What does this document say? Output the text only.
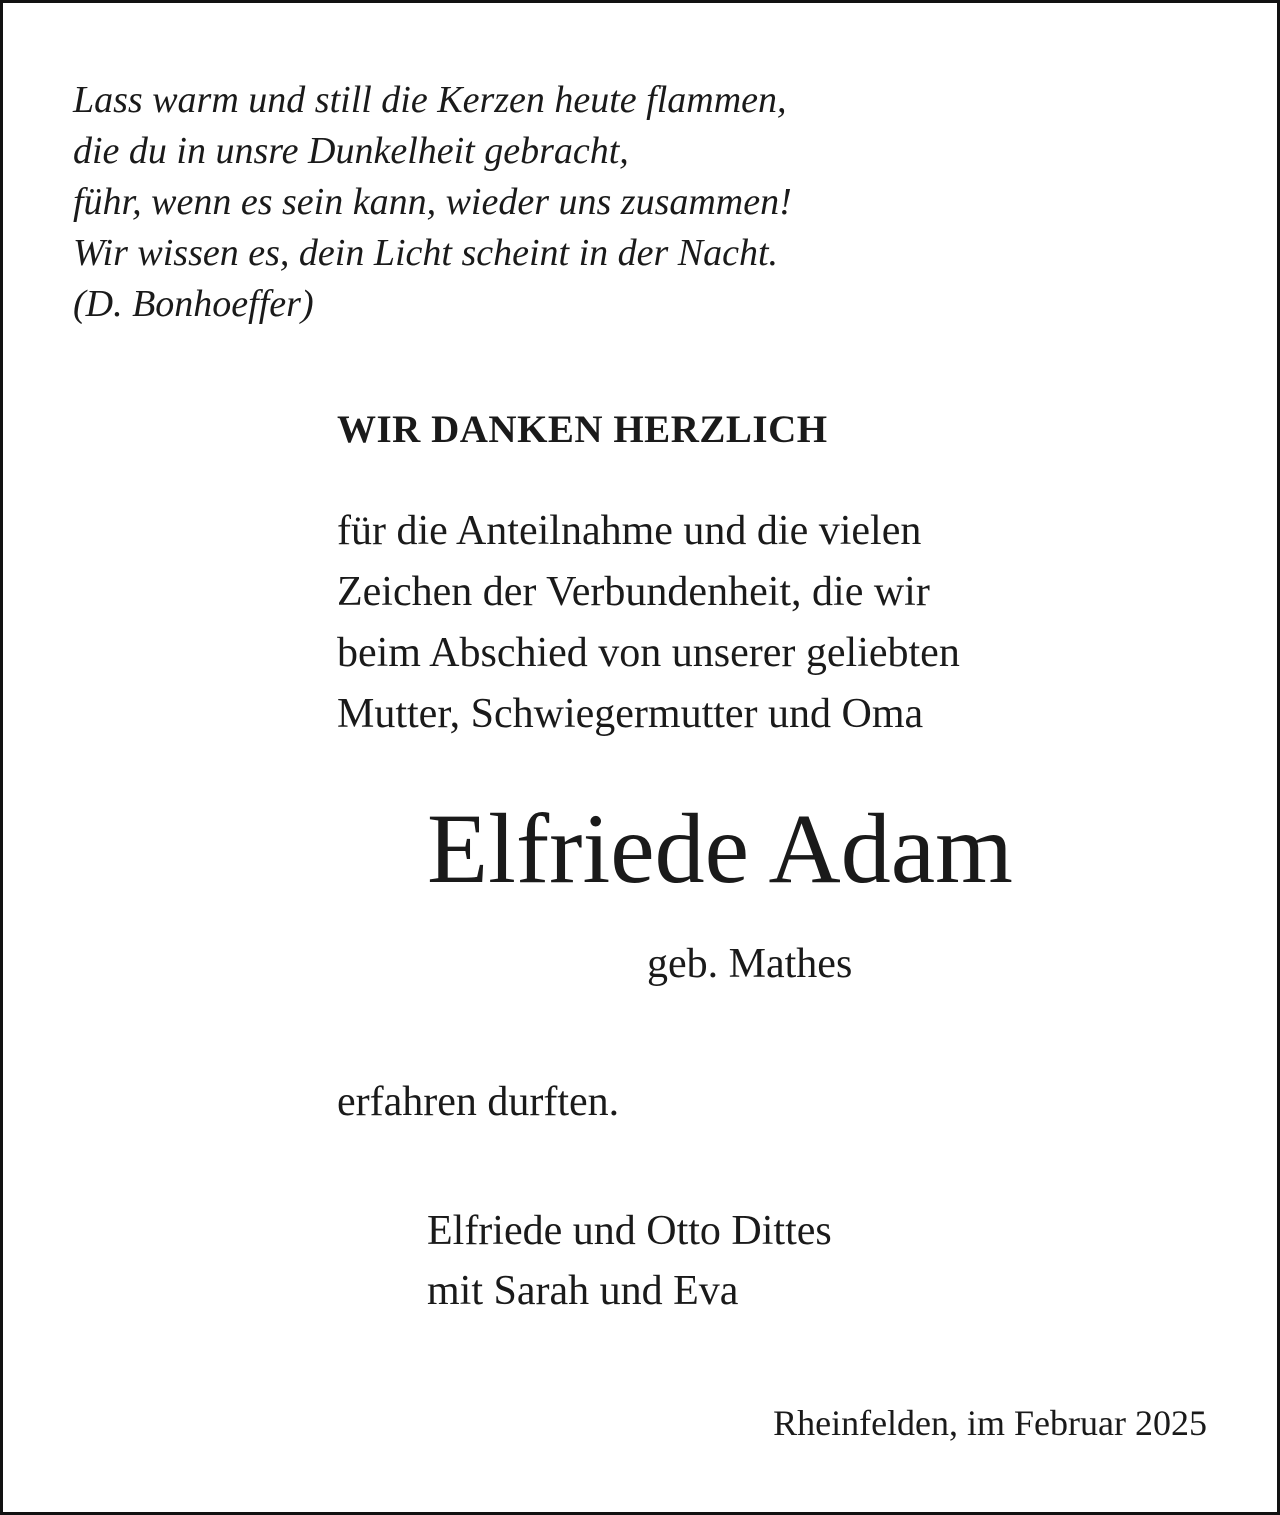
Lass warm und still die Kerzen heute flammen,
die du in unsre Dunkelheit gebracht,
führ, wenn es sein kann, wieder uns zusammen!
Wir wissen es, dein Licht scheint in der Nacht.
(D. Bonhoeffer)
WIR DANKEN HERZLICH
für die Anteilnahme und die vielen
Zeichen der Verbundenheit, die wir
beim Abschied von unserer geliebten
Mutter, Schwiegermutter und Oma
Elfriede Adam
geb. Mathes
erfahren durften.
Elfriede und Otto Dittes
mit Sarah und Eva
Rheinfelden, im Februar 2025
